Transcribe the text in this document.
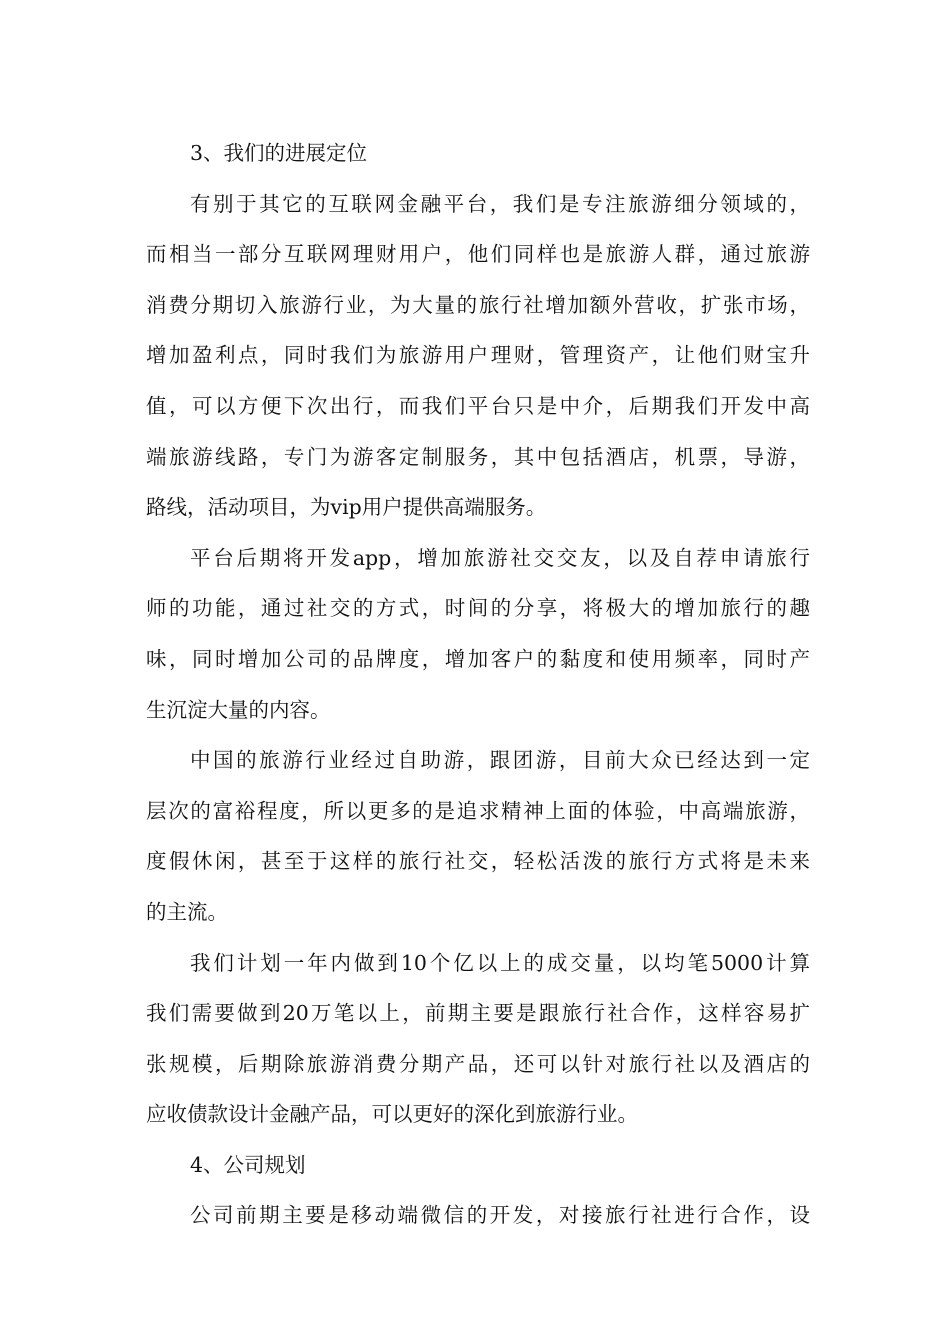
3、我们的进展定位
有别于其它的互联网金融平台，我们是专注旅游细分领域的，
而相当一部分互联网理财用户，他们同样也是旅游人群，通过旅游
消费分期切入旅游行业，为大量的旅行社增加额外营收，扩张市场，
增加盈利点，同时我们为旅游用户理财，管理资产，让他们财宝升
值，可以方便下次出行，而我们平台只是中介，后期我们开发中高
端旅游线路，专门为游客定制服务，其中包括酒店，机票，导游，
路线，活动项目，为vip用户提供高端服务。
平台后期将开发app，增加旅游社交交友，以及自荐申请旅行
师的功能，通过社交的方式，时间的分享，将极大的增加旅行的趣
味，同时增加公司的品牌度，增加客户的黏度和使用频率，同时产
生沉淀大量的内容。
中国的旅游行业经过自助游，跟团游，目前大众已经达到一定
层次的富裕程度，所以更多的是追求精神上面的体验，中高端旅游，
度假休闲，甚至于这样的旅行社交，轻松活泼的旅行方式将是未来
的主流。
我们计划一年内做到10个亿以上的成交量，以均笔5000计算
我们需要做到20万笔以上，前期主要是跟旅行社合作，这样容易扩
张规模，后期除旅游消费分期产品，还可以针对旅行社以及酒店的
应收债款设计金融产品，可以更好的深化到旅游行业。
4、公司规划
公司前期主要是移动端微信的开发，对接旅行社进行合作，设
